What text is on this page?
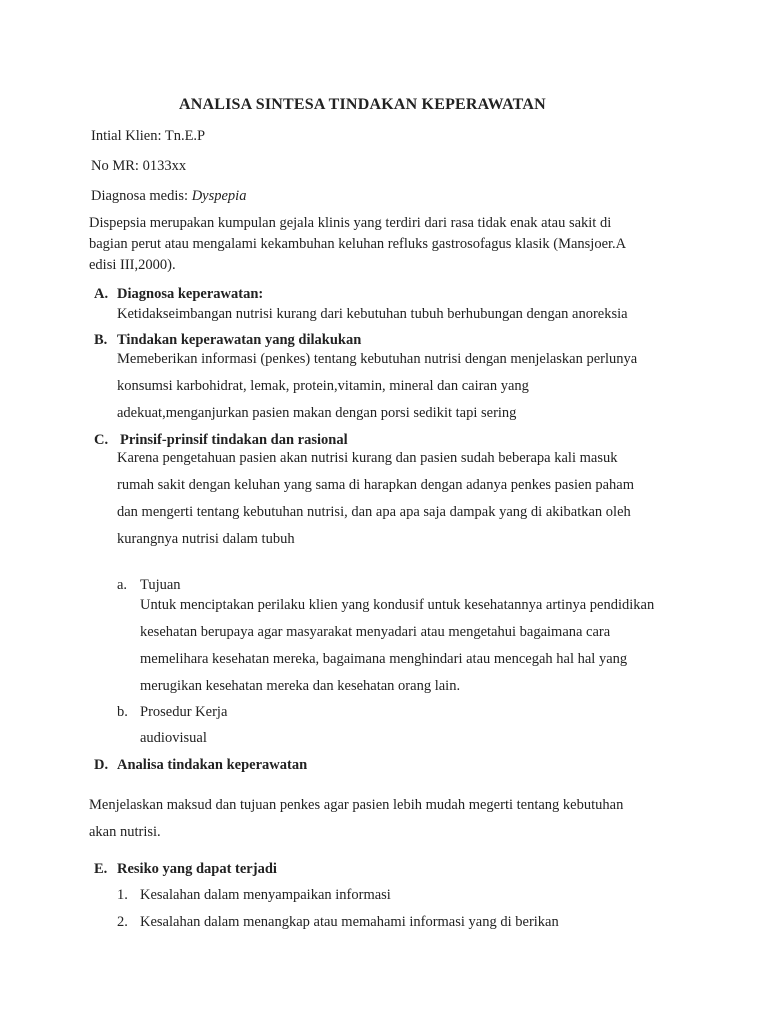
ANALISA SINTESA TINDAKAN KEPERAWATAN
Intial Klien: Tn.E.P
No MR: 0133xx
Diagnosa medis: Dyspepia
Dispepsia merupakan kumpulan gejala klinis yang terdiri dari rasa tidak enak atau sakit di
bagian perut atau mengalami kekambuhan keluhan refluks gastrosofagus klasik (Mansjoer.A
edisi III,2000).
A. Diagnosa keperawatan:
Ketidakseimbangan nutrisi kurang dari kebutuhan tubuh berhubungan dengan anoreksia
B. Tindakan keperawatan yang dilakukan
Memeberikan informasi (penkes) tentang kebutuhan nutrisi dengan menjelaskan perlunya
konsumsi karbohidrat, lemak, protein,vitamin, mineral dan cairan yang
adekuat,menganjurkan pasien makan dengan porsi sedikit tapi sering
C. Prinsif-prinsif tindakan dan rasional
Karena pengetahuan pasien akan nutrisi kurang dan pasien sudah beberapa kali masuk
rumah sakit dengan keluhan yang sama di harapkan dengan adanya penkes pasien paham
dan mengerti tentang kebutuhan nutrisi, dan apa apa saja dampak yang di akibatkan oleh
kurangnya nutrisi dalam tubuh
a. Tujuan
Untuk menciptakan perilaku klien yang kondusif untuk kesehatannya artinya pendidikan
kesehatan berupaya agar masyarakat menyadari atau mengetahui bagaimana cara
memelihara kesehatan mereka, bagaimana menghindari atau mencegah hal hal yang
merugikan kesehatan mereka dan kesehatan orang lain.
b. Prosedur Kerja
audiovisual
D. Analisa tindakan keperawatan
Menjelaskan maksud dan tujuan penkes agar pasien lebih mudah megerti tentang kebutuhan
akan nutrisi.
E. Resiko yang dapat terjadi
1. Kesalahan dalam menyampaikan informasi
2. Kesalahan dalam menangkap atau memahami informasi yang di berikan
